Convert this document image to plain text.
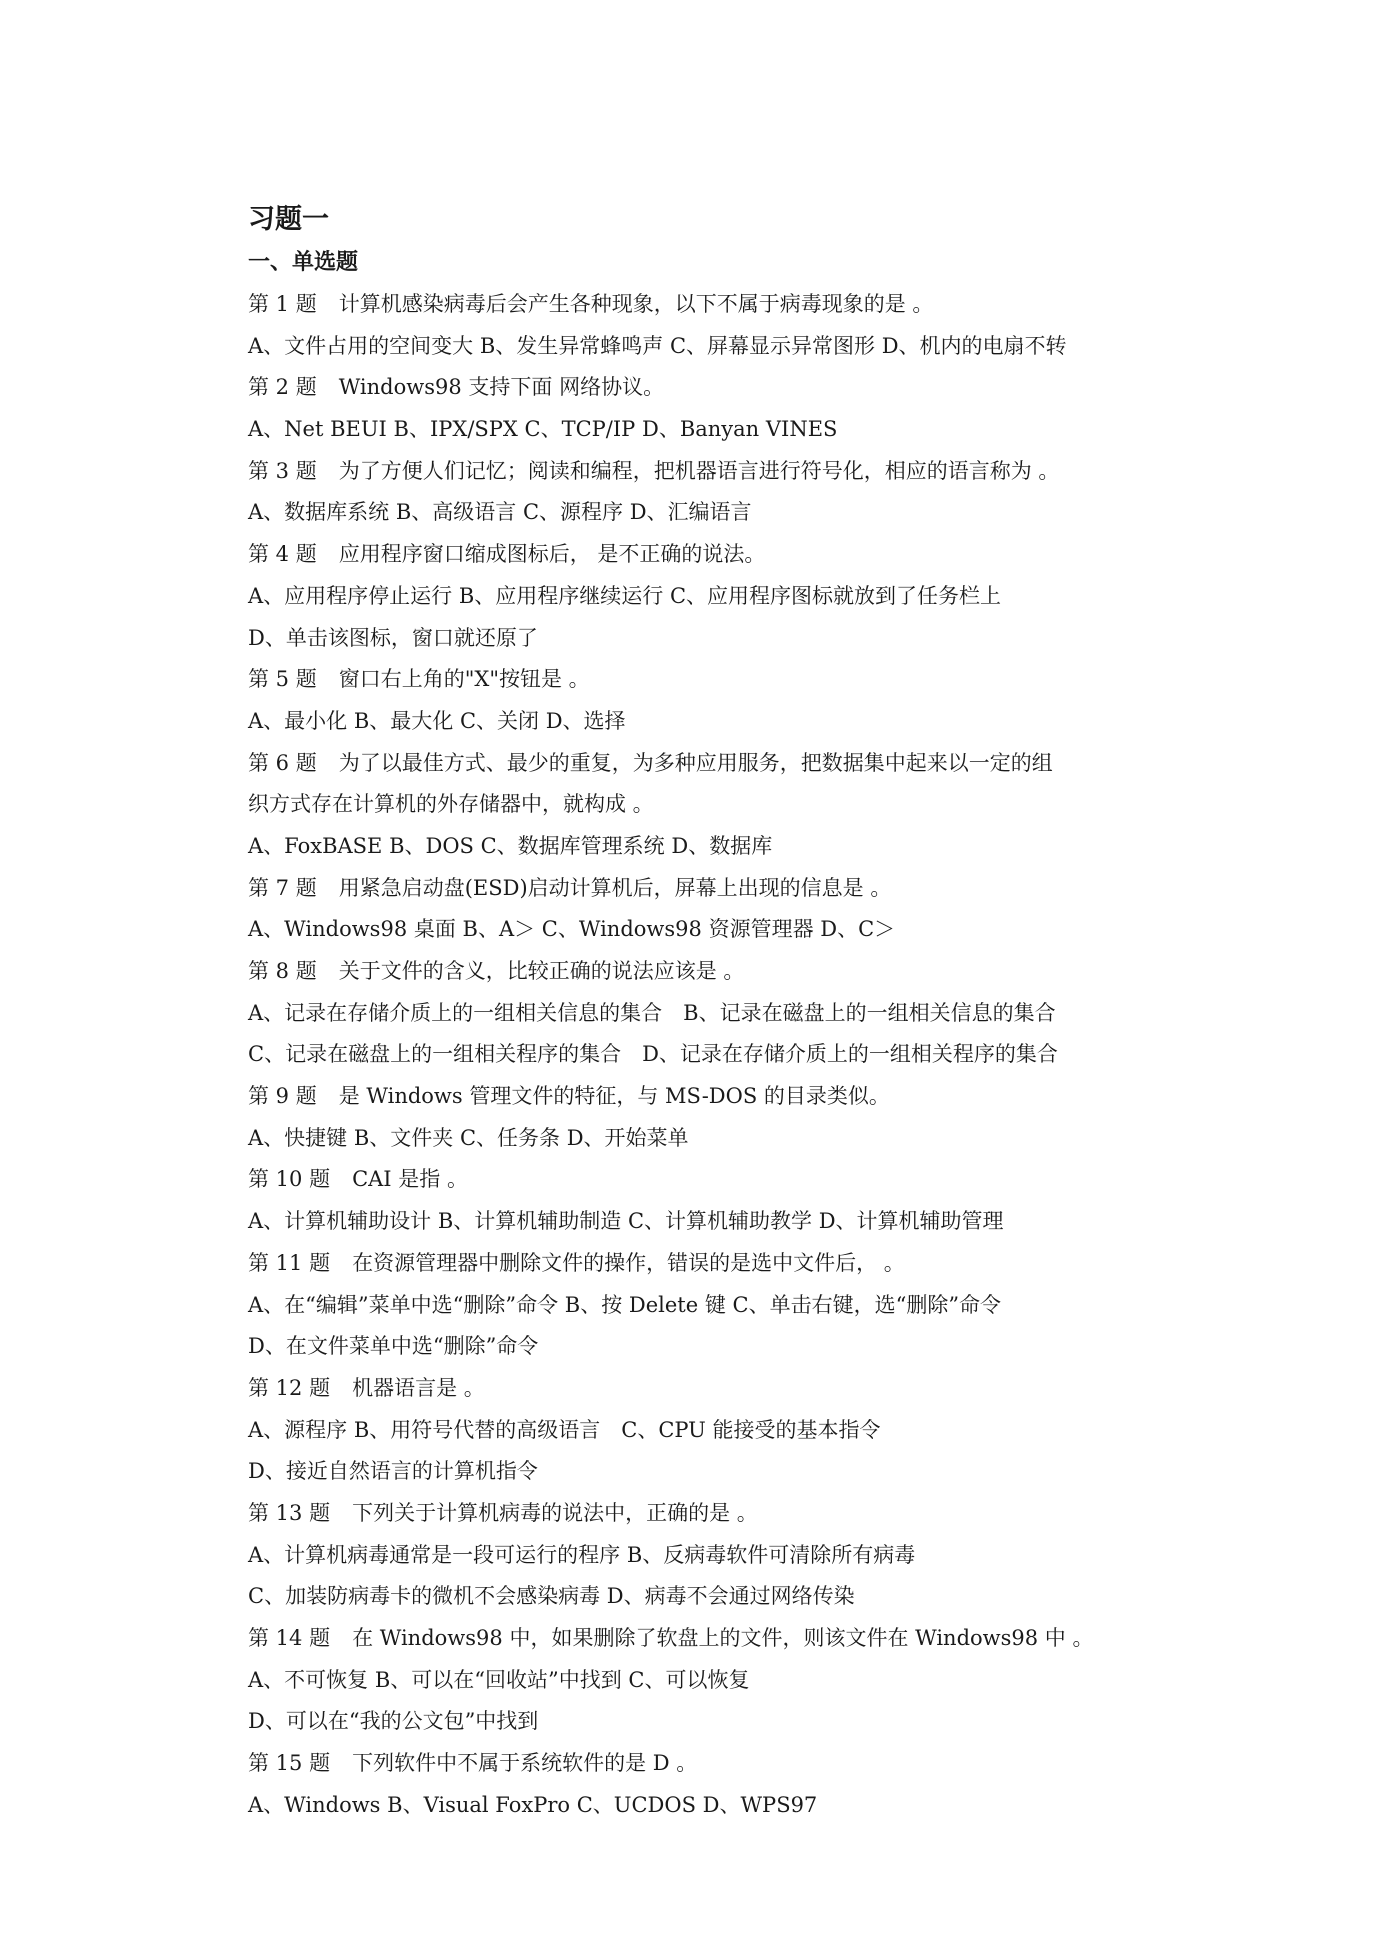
习题一
一、单选题
第 1 题 计算机感染病毒后会产生各种现象，以下不属于病毒现象的是 。
A、文件占用的空间变大 B、发生异常蜂鸣声 C、屏幕显示异常图形 D、机内的电扇不转
第 2 题 Windows98 支持下面 网络协议。
A、Net BEUI B、IPX/SPX C、TCP/IP D、Banyan VINES
第 3 题 为了方便人们记忆；阅读和编程，把机器语言进行符号化，相应的语言称为 。
A、数据库系统 B、高级语言 C、源程序 D、汇编语言
第 4 题 应用程序窗口缩成图标后， 是不正确的说法。
A、应用程序停止运行 B、应用程序继续运行 C、应用程序图标就放到了任务栏上
D、单击该图标，窗口就还原了
第 5 题 窗口右上角的"X"按钮是 。
A、最小化 B、最大化 C、关闭 D、选择
第 6 题 为了以最佳方式、最少的重复，为多种应用服务，把数据集中起来以一定的组
织方式存在计算机的外存储器中，就构成 。
A、FoxBASE B、DOS C、数据库管理系统 D、数据库
第 7 题 用紧急启动盘(ESD)启动计算机后，屏幕上出现的信息是 。
A、Windows98 桌面 B、A＞ C、Windows98 资源管理器 D、C＞
第 8 题 关于文件的含义，比较正确的说法应该是 。
A、记录在存储介质上的一组相关信息的集合　B、记录在磁盘上的一组相关信息的集合
C、记录在磁盘上的一组相关程序的集合　D、记录在存储介质上的一组相关程序的集合
第 9 题 是 Windows 管理文件的特征，与 MS-DOS 的目录类似。
A、快捷键 B、文件夹 C、任务条 D、开始菜单
第 10 题 CAI 是指 。
A、计算机辅助设计 B、计算机辅助制造 C、计算机辅助教学 D、计算机辅助管理
第 11 题 在资源管理器中删除文件的操作，错误的是选中文件后， 。
A、在“编辑”菜单中选“删除”命令 B、按 Delete 键 C、单击右键，选“删除”命令
D、在文件菜单中选“删除”命令
第 12 题 机器语言是 。
A、源程序 B、用符号代替的高级语言　C、CPU 能接受的基本指令
D、接近自然语言的计算机指令
第 13 题 下列关于计算机病毒的说法中，正确的是 。
A、计算机病毒通常是一段可运行的程序 B、反病毒软件可清除所有病毒
C、加装防病毒卡的微机不会感染病毒 D、病毒不会通过网络传染
第 14 题 在 Windows98 中，如果删除了软盘上的文件，则该文件在 Windows98 中 。
A、不可恢复 B、可以在“回收站”中找到 C、可以恢复
D、可以在“我的公文包”中找到
第 15 题 下列软件中不属于系统软件的是 D 。
A、Windows B、Visual FoxPro C、UCDOS D、WPS97
